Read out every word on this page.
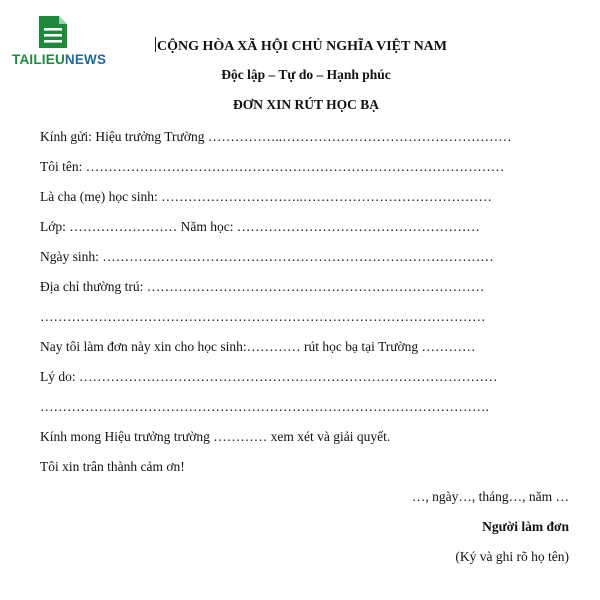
TAILIEUNEWS
CỘNG HÒA XÃ HỘI CHỦ NGHĨA VIỆT NAM
Độc lập – Tự do – Hạnh phúc
ĐƠN XIN RÚT HỌC BẠ
Kính gửi: Hiệu trưởng Trường ……………..……………………………………………
Tôi tên: …………………………………………………………………………………
Là cha (mẹ) học sinh: …………………………..……………………………………
Lớp: …………………… Năm học: ………………………………………………
Ngày sinh: ……………………………………………………………………………
Địa chỉ thường trú: …………………………………………………………………
………………………………………………………………………………………
Nay tôi làm đơn này xin cho học sinh:………… rút học bạ tại Trường …………
Lý do: …………………………………………………………………………………
……………………………………………………………………………………….
Kính mong Hiệu trưởng trường ………… xem xét và giải quyết.
Tôi xin trân thành cảm ơn!
…, ngày…, tháng…, năm …
Người làm đơn
(Ký và ghi rõ họ tên)
